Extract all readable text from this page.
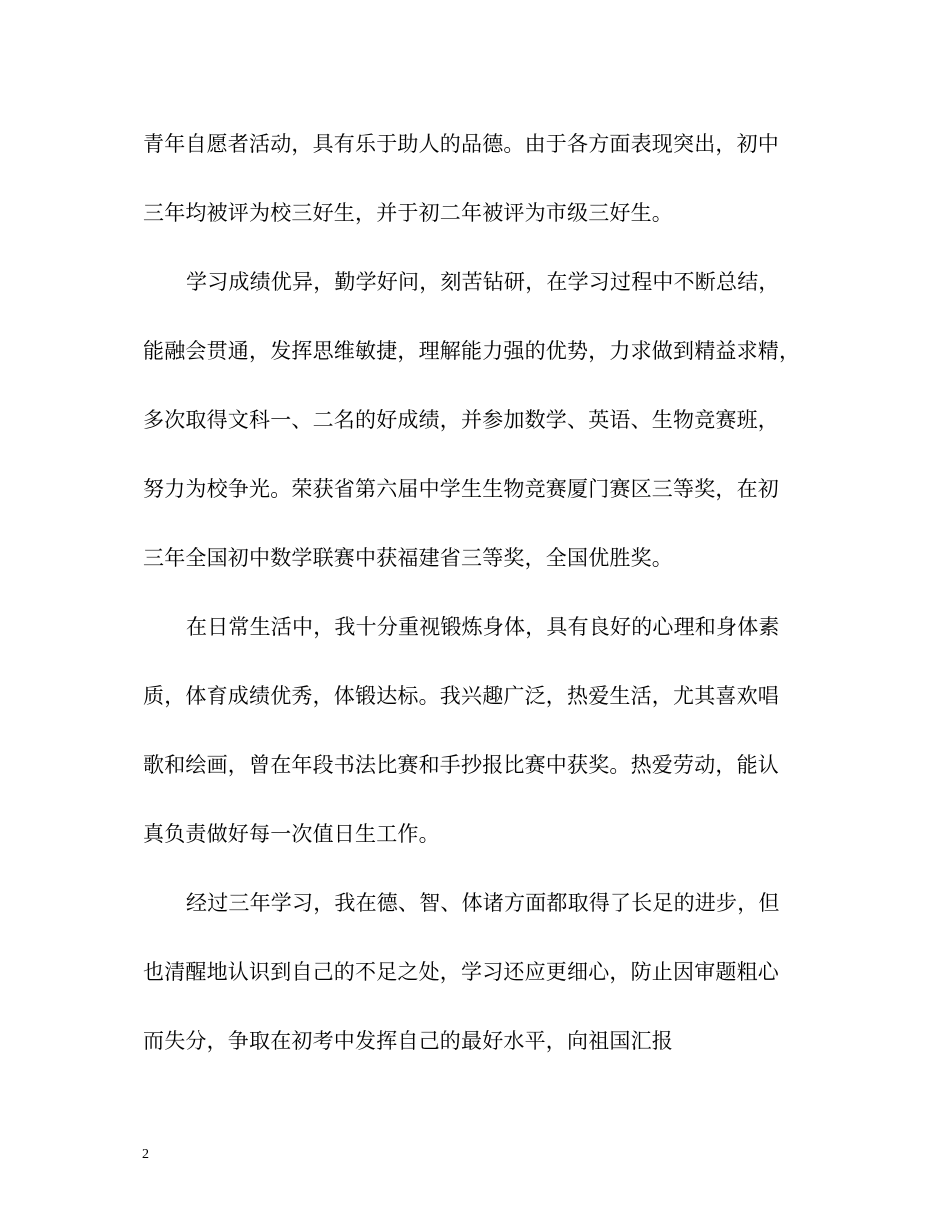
青年自愿者活动，具有乐于助人的品德。由于各方面表现突出，初中
三年均被评为校三好生，并于初二年被评为市级三好生。
学习成绩优异，勤学好问，刻苦钻研，在学习过程中不断总结，
能融会贯通，发挥思维敏捷，理解能力强的优势，力求做到精益求精，
多次取得文科一、二名的好成绩，并参加数学、英语、生物竞赛班，
努力为校争光。荣获省第六届中学生生物竞赛厦门赛区三等奖，在初
三年全国初中数学联赛中获福建省三等奖，全国优胜奖。
在日常生活中，我十分重视锻炼身体，具有良好的心理和身体素
质，体育成绩优秀，体锻达标。我兴趣广泛，热爱生活，尤其喜欢唱
歌和绘画，曾在年段书法比赛和手抄报比赛中获奖。热爱劳动，能认
真负责做好每一次值日生工作。
经过三年学习，我在德、智、体诸方面都取得了长足的进步，但
也清醒地认识到自己的不足之处，学习还应更细心，防止因审题粗心
而失分，争取在初考中发挥自己的最好水平，向祖国汇报
2
